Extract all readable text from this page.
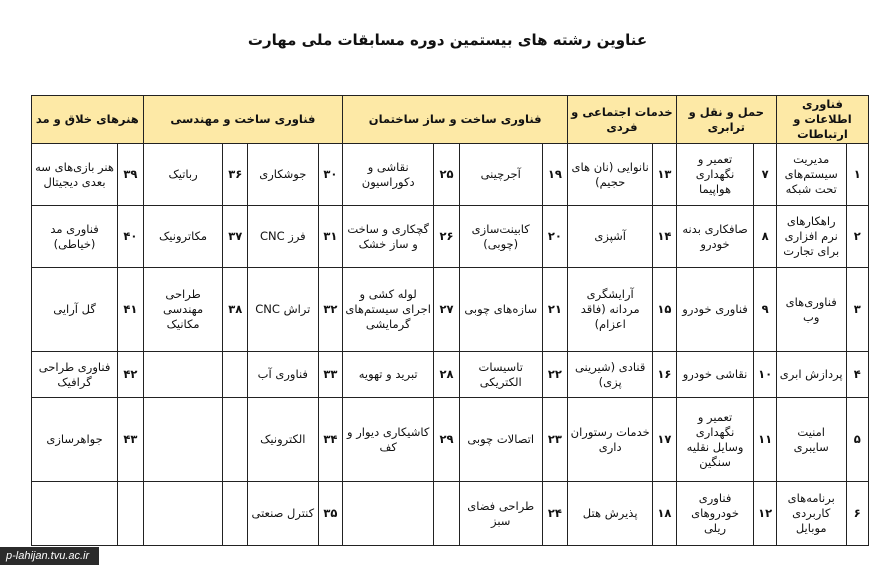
عناوین رشته های بیستمین دوره مسابقات ملی مهارت
فناوری اطلاعات و ارتباطات		حمل و نقل و ترابری		خدمات اجتماعی و فردی		فناوری ساخت و ساز ساختمان				فناوری ساخت و مهندسی				هنرهای خلاق و مد	
۱	مدیریت سیستم‌های تحت شبکه	۷	تعمیر و نگهداری هواپیما	۱۳	نانوایی (نان های حجیم)	۱۹	آجرچینی	۲۵	نقاشی و دکوراسیون	۳۰	جوشکاری	۳۶	رباتیک	۳۹	هنر بازی‌های سه بعدی دیجیتال
۲	راهکارهای نرم افزاری برای تجارت	۸	صافکاری بدنه خودرو	۱۴	آشپزی	۲۰	کابینت‌سازی (چوبی)	۲۶	گچکاری و ساخت و ساز خشک	۳۱	فرز CNC	۳۷	مکاترونیک	۴۰	فناوری مد (خیاطی)
۳	فناوری‌های وب	۹	فناوری خودرو	۱۵	آرایشگری مردانه (فاقد اعزام)	۲۱	سازه‌های چوبی	۲۷	لوله کشی و اجرای سیستم‌های گرمایشی	۳۲	تراش CNC	۳۸	طراحی مهندسی مکانیک	۴۱	گل آرایی
۴	پردازش ابری	۱۰	نقاشی خودرو	۱۶	قنادی (شیرینی پزی)	۲۲	تاسیسات الکتریکی	۲۸	تبرید و تهویه	۳۳	فناوری آب			۴۲	فناوری طراحی گرافیک
۵	امنیت سایبری	۱۱	تعمیر و نگهداری وسایل نقلیه سنگین	۱۷	خدمات رستوران داری	۲۳	اتصالات چوبی	۲۹	کاشیکاری دیوار و کف	۳۴	الکترونیک			۴۳	جواهرسازی
۶	برنامه‌های کاربردی موبایل	۱۲	فناوری خودروهای ریلی	۱۸	پذیرش هتل	۲۴	طراحی فضای سبز			۳۵	کنترل صنعتی				
p-lahijan.tvu.ac.ir
